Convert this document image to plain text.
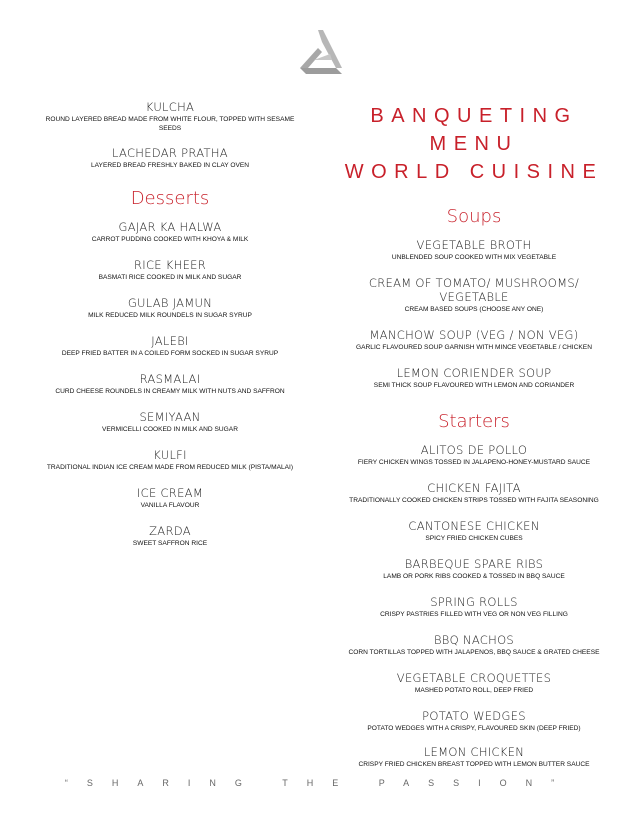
KULCHA

ROUND LAYERED BREAD MADE FROM WHITE FLOUR, TOPPED WITH SESAME SEEDS

LACHEDAR PRATHA

LAYERED BREAD FRESHLY BAKED IN CLAY OVEN

Desserts

GAJAR KA HALWA

CARROT PUDDING COOKED WITH KHOYA & MILK

RICE KHEER

BASMATI RICE COOKED IN MILK AND SUGAR

GULAB JAMUN

MILK REDUCED MILK ROUNDELS IN SUGAR SYRUP

JALEBI

DEEP FRIED BATTER IN A COILED FORM SOCKED IN SUGAR SYRUP

RASMALAI

CURD CHEESE ROUNDELS IN CREAMY MILK WITH NUTS AND SAFFRON

SEMIYAAN

VERMICELLI COOKED IN MILK AND SUGAR

KULFI

TRADITIONAL INDIAN ICE CREAM MADE FROM REDUCED MILK (PISTA/MALAI)

ICE CREAM

VANILLA FLAVOUR

ZARDA

SWEET SAFFRON RICE

BANQUETING MENU
WORLD CUISINE
Soups

VEGETABLE BROTH

UNBLENDED SOUP COOKED WITH MIX VEGETABLE

CREAM OF TOMATO/ MUSHROOMS/ VEGETABLE

CREAM BASED SOUPS (CHOOSE ANY ONE)

MANCHOW SOUP (VEG / NON VEG)

GARLIC FLAVOURED SOUP GARNISH WITH MINCE VEGETABLE / CHICKEN

LEMON CORIENDER SOUP

SEMI THICK SOUP FLAVOURED WITH LEMON AND CORIANDER

Starters

ALITOS DE POLLO

FIERY CHICKEN WINGS TOSSED IN JALAPENO-HONEY-MUSTARD SAUCE

CHICKEN FAJITA

TRADITIONALLY COOKED CHICKEN STRIPS TOSSED WITH FAJITA SEASONING

CANTONESE CHICKEN

SPICY FRIED CHICKEN CUBES

BARBEQUE SPARE RIBS

LAMB OR PORK RIBS COOKED & TOSSED IN BBQ SAUCE

SPRING ROLLS

CRISPY PASTRIES FILLED WITH VEG OR NON VEG FILLING

BBQ NACHOS

CORN TORTILLAS TOPPED WITH JALAPENOS, BBQ SAUCE & GRATED CHEESE

VEGETABLE CROQUETTES

MASHED POTATO ROLL, DEEP FRIED

POTATO WEDGES

POTATO WEDGES WITH A CRISPY, FLAVOURED SKIN (DEEP FRIED)

LEMON CHICKEN

CRISPY FRIED CHICKEN BREAST TOPPED WITH LEMON BUTTER SAUCE

“SHARING THE PASSION”
